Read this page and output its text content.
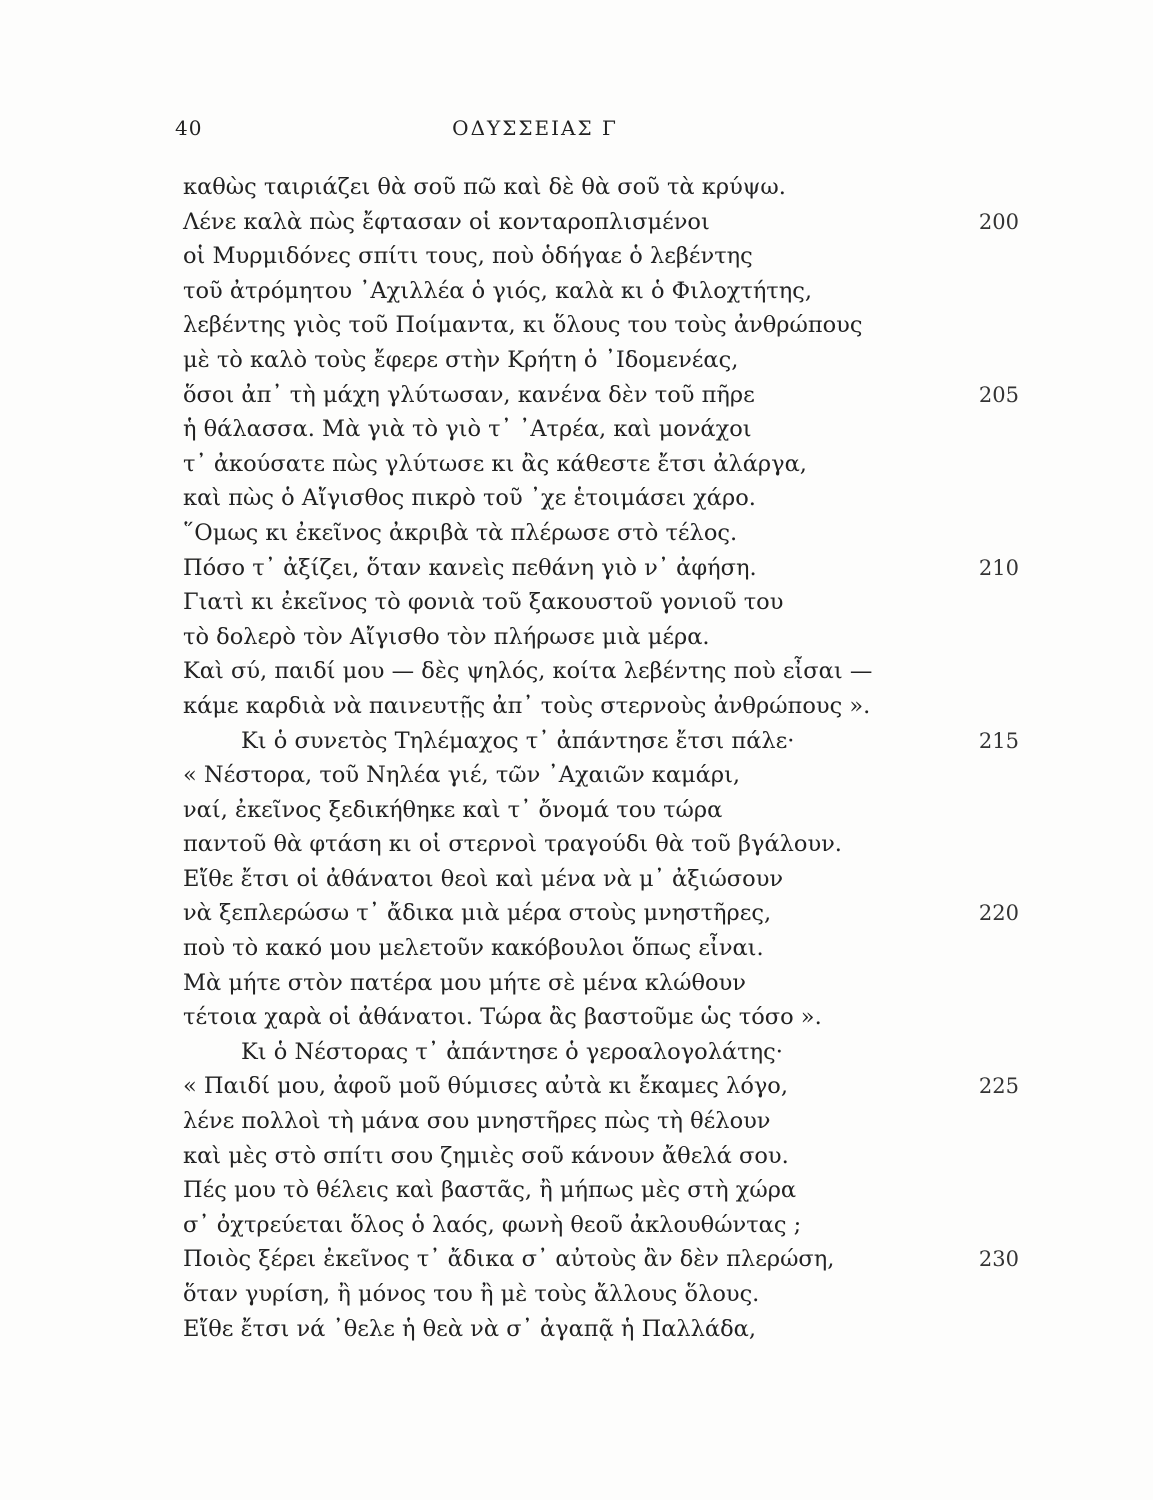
40	ΟΔΥΣΣΕΙΑΣ Γ
καθὼς ταιριάζει θὰ σοῦ πῶ καὶ δὲ θὰ σοῦ τὰ κρύψω.
Λένε καλὰ πὼς ἔφτασαν οἱ κονταροπλισμένοι	200
οἱ Μυρμιδόνες σπίτι τους, ποὺ ὁδήγαε ὁ λεβέντης
τοῦ ἀτρόμητου ᾿Αχιλλέα ὁ γιός, καλὰ κι ὁ Φιλοχτήτης,
λεβέντης γιὸς τοῦ Ποίμαντα, κι ὅλους του τοὺς ἀνθρώπους
μὲ τὸ καλὸ τοὺς ἔφερε στὴν Κρήτη ὁ ᾿Ιδομενέας,
ὅσοι ἀπ᾿ τὴ μάχη γλύτωσαν, κανένα δὲν τοῦ πῆρε	205
ἡ θάλασσα. Μὰ γιὰ τὸ γιὸ τ᾿ ᾿Ατρέα, καὶ μονάχοι
τ᾿ ἀκούσατε πὼς γλύτωσε κι ἂς κάθεστε ἔτσι ἀλάργα,
καὶ πὼς ὁ Αἴγισθος πικρὸ τοῦ ᾿χε ἑτοιμάσει χάρο.
῞Ομως κι ἐκεῖνος ἀκριβὰ τὰ πλέρωσε στὸ τέλος.
Πόσο τ᾿ ἀξίζει, ὅταν κανεὶς πεθάνη γιὸ ν᾿ ἀφήση.	210
Γιατὶ κι ἐκεῖνος τὸ φονιὰ τοῦ ξακουστοῦ γονιοῦ του
τὸ δολερὸ τὸν Αἴγισθο τὸν πλήρωσε μιὰ μέρα.
Καὶ σύ, παιδί μου — δὲς ψηλός, κοίτα λεβέντης ποὺ εἶσαι —
κάμε καρδιὰ νὰ παινευτῇς ἀπ᾿ τοὺς στερνοὺς ἀνθρώπους ».
Κι ὁ συνετὸς Τηλέμαχος τ᾿ ἀπάντησε ἔτσι πάλε·	215
« Νέστορα, τοῦ Νηλέα γιέ, τῶν ᾿Αχαιῶν καμάρι,
ναί, ἐκεῖνος ξεδικήθηκε καὶ τ᾿ ὄνομά του τώρα
παντοῦ θὰ φτάση κι οἱ στερνοὶ τραγούδι θὰ τοῦ βγάλουν.
Εἴθε ἔτσι οἱ ἀθάνατοι θεοὶ καὶ μένα νὰ μ᾿ ἀξιώσουν
νὰ ξεπλερώσω τ᾿ ἄδικα μιὰ μέρα στοὺς μνηστῆρες,	220
ποὺ τὸ κακό μου μελετοῦν κακόβουλοι ὅπως εἶναι.
Μὰ μήτε στὸν πατέρα μου μήτε σὲ μένα κλώθουν
τέτοια χαρὰ οἱ ἀθάνατοι. Τώρα ἂς βαστοῦμε ὡς τόσο ».
Κι ὁ Νέστορας τ᾿ ἀπάντησε ὁ γεροαλογολάτης·
« Παιδί μου, ἀφοῦ μοῦ θύμισες αὐτὰ κι ἔκαμες λόγο,	225
λένε πολλοὶ τὴ μάνα σου μνηστῆρες πὼς τὴ θέλουν
καὶ μὲς στὸ σπίτι σου ζημιὲς σοῦ κάνουν ἄθελά σου.
Πές μου τὸ θέλεις καὶ βαστᾶς, ἢ μήπως μὲς στὴ χώρα
σ᾿ ὀχτρεύεται ὅλος ὁ λαός, φωνὴ θεοῦ ἀκλουθώντας ;
Ποιὸς ξέρει ἐκεῖνος τ᾿ ἄδικα σ᾿ αὐτοὺς ἂν δὲν πλερώση,	230
ὅταν γυρίση, ἢ μόνος του ἢ μὲ τοὺς ἄλλους ὅλους.
Εἴθε ἔτσι νά ᾿θελε ἡ θεὰ νὰ σ᾿ ἀγαπᾷ ἡ Παλλάδα,
